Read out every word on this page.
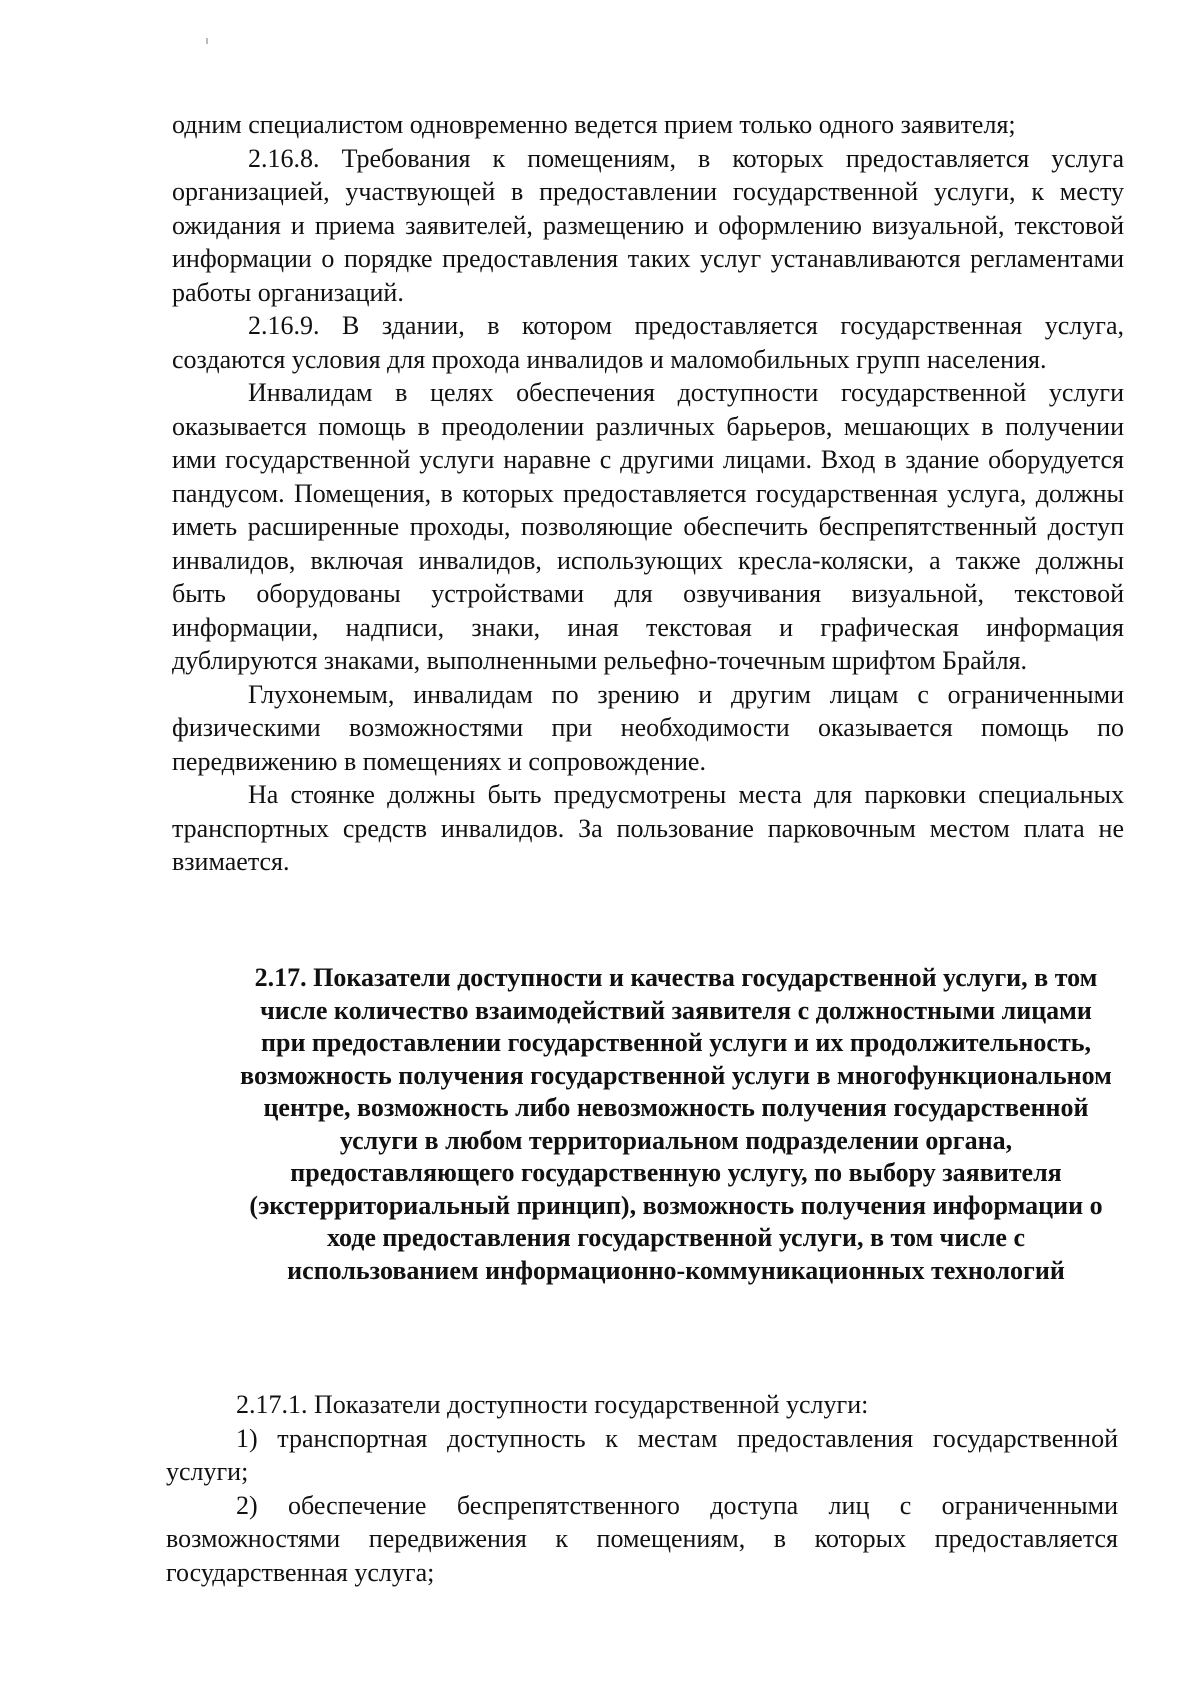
одним специалистом одновременно ведется прием только одного заявителя;

2.16.8. Требования к помещениям, в которых предоставляется услуга организацией, участвующей в предоставлении государственной услуги, к месту ожидания и приема заявителей, размещению и оформлению визуальной, текстовой информации о порядке предоставления таких услуг устанавливаются регламентами работы организаций.

2.16.9. В здании, в котором предоставляется государственная услуга, создаются условия для прохода инвалидов и маломобильных групп населения.

Инвалидам в целях обеспечения доступности государственной услуги оказывается помощь в преодолении различных барьеров, мешающих в получении ими государственной услуги наравне с другими лицами. Вход в здание оборудуется пандусом. Помещения, в которых предоставляется государственная услуга, должны иметь расширенные проходы, позволяющие обеспечить беспрепятственный доступ инвалидов, включая инвалидов, использующих кресла-коляски, а также должны быть оборудованы устройствами для озвучивания визуальной, текстовой информации, надписи, знаки, иная текстовая и графическая информация дублируются знаками, выполненными рельефно-точечным шрифтом Брайля.

Глухонемым, инвалидам по зрению и другим лицам с ограниченными физическими возможностями при необходимости оказывается помощь по передвижению в помещениях и сопровождение.

На стоянке должны быть предусмотрены места для парковки специальных транспортных средств инвалидов. За пользование парковочным местом плата не взимается.

2.17. Показатели доступности и качества государственной услуги, в том числе количество взаимодействий заявителя с должностными лицами при предоставлении государственной услуги и их продолжительность, возможность получения государственной услуги в многофункциональном центре, возможность либо невозможность получения государственной услуги в любом территориальном подразделении органа, предоставляющего государственную услугу, по выбору заявителя (экстерриториальный принцип), возможность получения информации о ходе предоставления государственной услуги, в том числе с использованием информационно-коммуникационных технологий

2.17.1. Показатели доступности государственной услуги:

1) транспортная доступность к местам предоставления государственной услуги;

2) обеспечение беспрепятственного доступа лиц с ограниченными возможностями передвижения к помещениям, в которых предоставляется государственная услуга;
